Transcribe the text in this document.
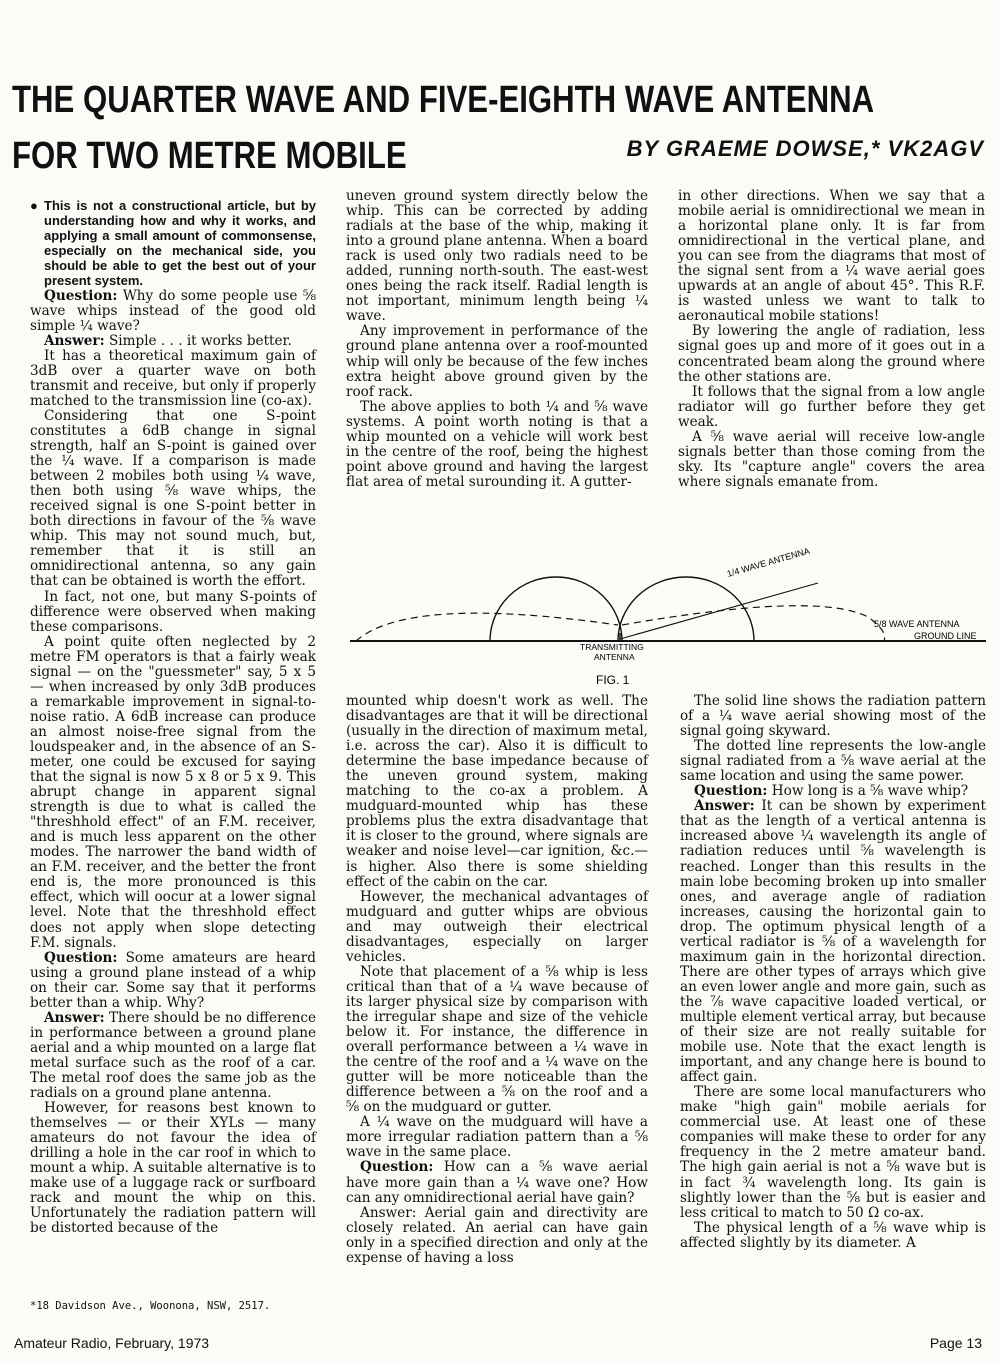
THE QUARTER WAVE AND FIVE-EIGHTH WAVE ANTENNA
FOR TWO METRE MOBILE	BY GRAEME DOWSE,* VK2AGV

● This is not a constructional article, but by understanding how and why it works, and applying a small amount of commonsense, especially on the mechanical side, you should be able to get the best out of your present system.

Question: Why do some people use ⅝ wave whips instead of the good old simple ¼ wave?

Answer: Simple . . . it works better.

It has a theoretical maximum gain of 3dB over a quarter wave on both transmit and receive, but only if properly matched to the transmission line (co-ax).

Considering that one S-point constitutes a 6dB change in signal strength, half an S-point is gained over the ¼ wave. If a comparison is made between 2 mobiles both using ¼ wave, then both using ⅝ wave whips, the received signal is one S-point better in both directions in favour of the ⅝ wave whip. This may not sound much, but, remember that it is still an omnidirectional antenna, so any gain that can be obtained is worth the effort.

In fact, not one, but many S-points of difference were observed when making these comparisons.

A point quite often neglected by 2 metre FM operators is that a fairly weak signal — on the "guessmeter" say, 5 x 5 — when increased by only 3dB produces a remarkable improvement in signal-to-noise ratio. A 6dB increase can produce an almost noise-free signal from the loudspeaker and, in the absence of an S-meter, one could be excused for saying that the signal is now 5 x 8 or 5 x 9. This abrupt change in apparent signal strength is due to what is called the "threshhold effect" of an F.M. receiver, and is much less apparent on the other modes. The narrower the band width of an F.M. receiver, and the better the front end is, the more pronounced is this effect, which will oocur at a lower signal level. Note that the threshhold effect does not apply when slope detecting F.M. signals.

Question: Some amateurs are heard using a ground plane instead of a whip on their car. Some say that it performs better than a whip. Why?

Answer: There should be no difference in performance between a ground plane aerial and a whip mounted on a large flat metal surface such as the roof of a car. The metal roof does the same job as the radials on a ground plane antenna.

However, for reasons best known to themselves — or their XYLs — many amateurs do not favour the idea of drilling a hole in the car roof in which to mount a whip. A suitable alternative is to make use of a luggage rack or surfboard rack and mount the whip on this. Unfortunately the radiation pattern will be distorted because of the

uneven ground system directly below the whip. This can be corrected by adding radials at the base of the whip, making it into a ground plane antenna. When a board rack is used only two radials need to be added, running north-south. The east-west ones being the rack itself. Radial length is not important, minimum length being ¼ wave.

Any improvement in performance of the ground plane antenna over a roof-mounted whip will only be because of the few inches extra height above ground given by the roof rack.

The above applies to both ¼ and ⅝ wave systems. A point worth noting is that a whip mounted on a vehicle will work best in the centre of the roof, being the highest point above ground and having the largest flat area of metal surounding it. A gutter-

in other directions. When we say that a mobile aerial is omnidirectional we mean in a horizontal plane only. It is far from omnidirectional in the vertical plane, and you can see from the diagrams that most of the signal sent from a ¼ wave aerial goes upwards at an angle of about 45°. This R.F. is wasted unless we want to talk to aeronautical mobile stations!

By lowering the angle of radiation, less signal goes up and more of it goes out in a concentrated beam along the ground where the other stations are.

It follows that the signal from a low angle radiator will go further before they get weak.

A ⅝ wave aerial will receive low-angle signals better than those coming from the sky. Its "capture angle" covers the area where signals emanate from.

1/4 WAVE ANTENNA
5/8 WAVE ANTENNA
GROUND LINE
TRANSMITTING
ANTENNA
FIG. 1

mounted whip doesn't work as well. The disadvantages are that it will be directional (usually in the direction of maximum metal, i.e. across the car). Also it is difficult to determine the base impedance because of the uneven ground system, making matching to the co-ax a problem. A mudguard-mounted whip has these problems plus the extra disadvantage that it is closer to the ground, where signals are weaker and noise level—car ignition, &c.—is higher. Also there is some shielding effect of the cabin on the car.

However, the mechanical advantages of mudguard and gutter whips are obvious and may outweigh their electrical disadvantages, especially on larger vehicles.

Note that placement of a ⅝ whip is less critical than that of a ¼ wave because of its larger physical size by comparison with the irregular shape and size of the vehicle below it. For instance, the difference in overall performance between a ¼ wave in the centre of the roof and a ¼ wave on the gutter will be more noticeable than the difference between a ⅝ on the roof and a ⅝ on the mudguard or gutter.

A ¼ wave on the mudguard will have a more irregular radiation pattern than a ⅝ wave in the same place.

Question: How can a ⅝ wave aerial have more gain than a ¼ wave one? How can any omnidirectional aerial have gain?

Answer: Aerial gain and directivity are closely related. An aerial can have gain only in a specified direction and only at the expense of having a loss

The solid line shows the radiation pattern of a ¼ wave aerial showing most of the signal going skyward.

The dotted line represents the low-angle signal radiated from a ⅝ wave aerial at the same location and using the same power.

Question: How long is a ⅝ wave whip?

Answer: It can be shown by experiment that as the length of a vertical antenna is increased above ¼ wavelength its angle of radiation reduces until ⅝ wavelength is reached. Longer than this results in the main lobe becoming broken up into smaller ones, and average angle of radiation increases, causing the horizontal gain to drop. The optimum physical length of a vertical radiator is ⅝ of a wavelength for maximum gain in the horizontal direction. There are other types of arrays which give an even lower angle and more gain, such as the ⅞ wave capacitive loaded vertical, or multiple element vertical array, but because of their size are not really suitable for mobile use. Note that the exact length is important, and any change here is bound to affect gain.

There are some local manufacturers who make "high gain" mobile aerials for commercial use. At least one of these companies will make these to order for any frequency in the 2 metre amateur band. The high gain aerial is not a ⅝ wave but is in fact ¾ wavelength long. Its gain is slightly lower than the ⅝ but is easier and less critical to match to 50 Ω co-ax.

The physical length of a ⅝ wave whip is affected slightly by its diameter. A

*18 Davidson Ave., Woonona, NSW, 2517.
Amateur Radio, February, 1973	Page 13
